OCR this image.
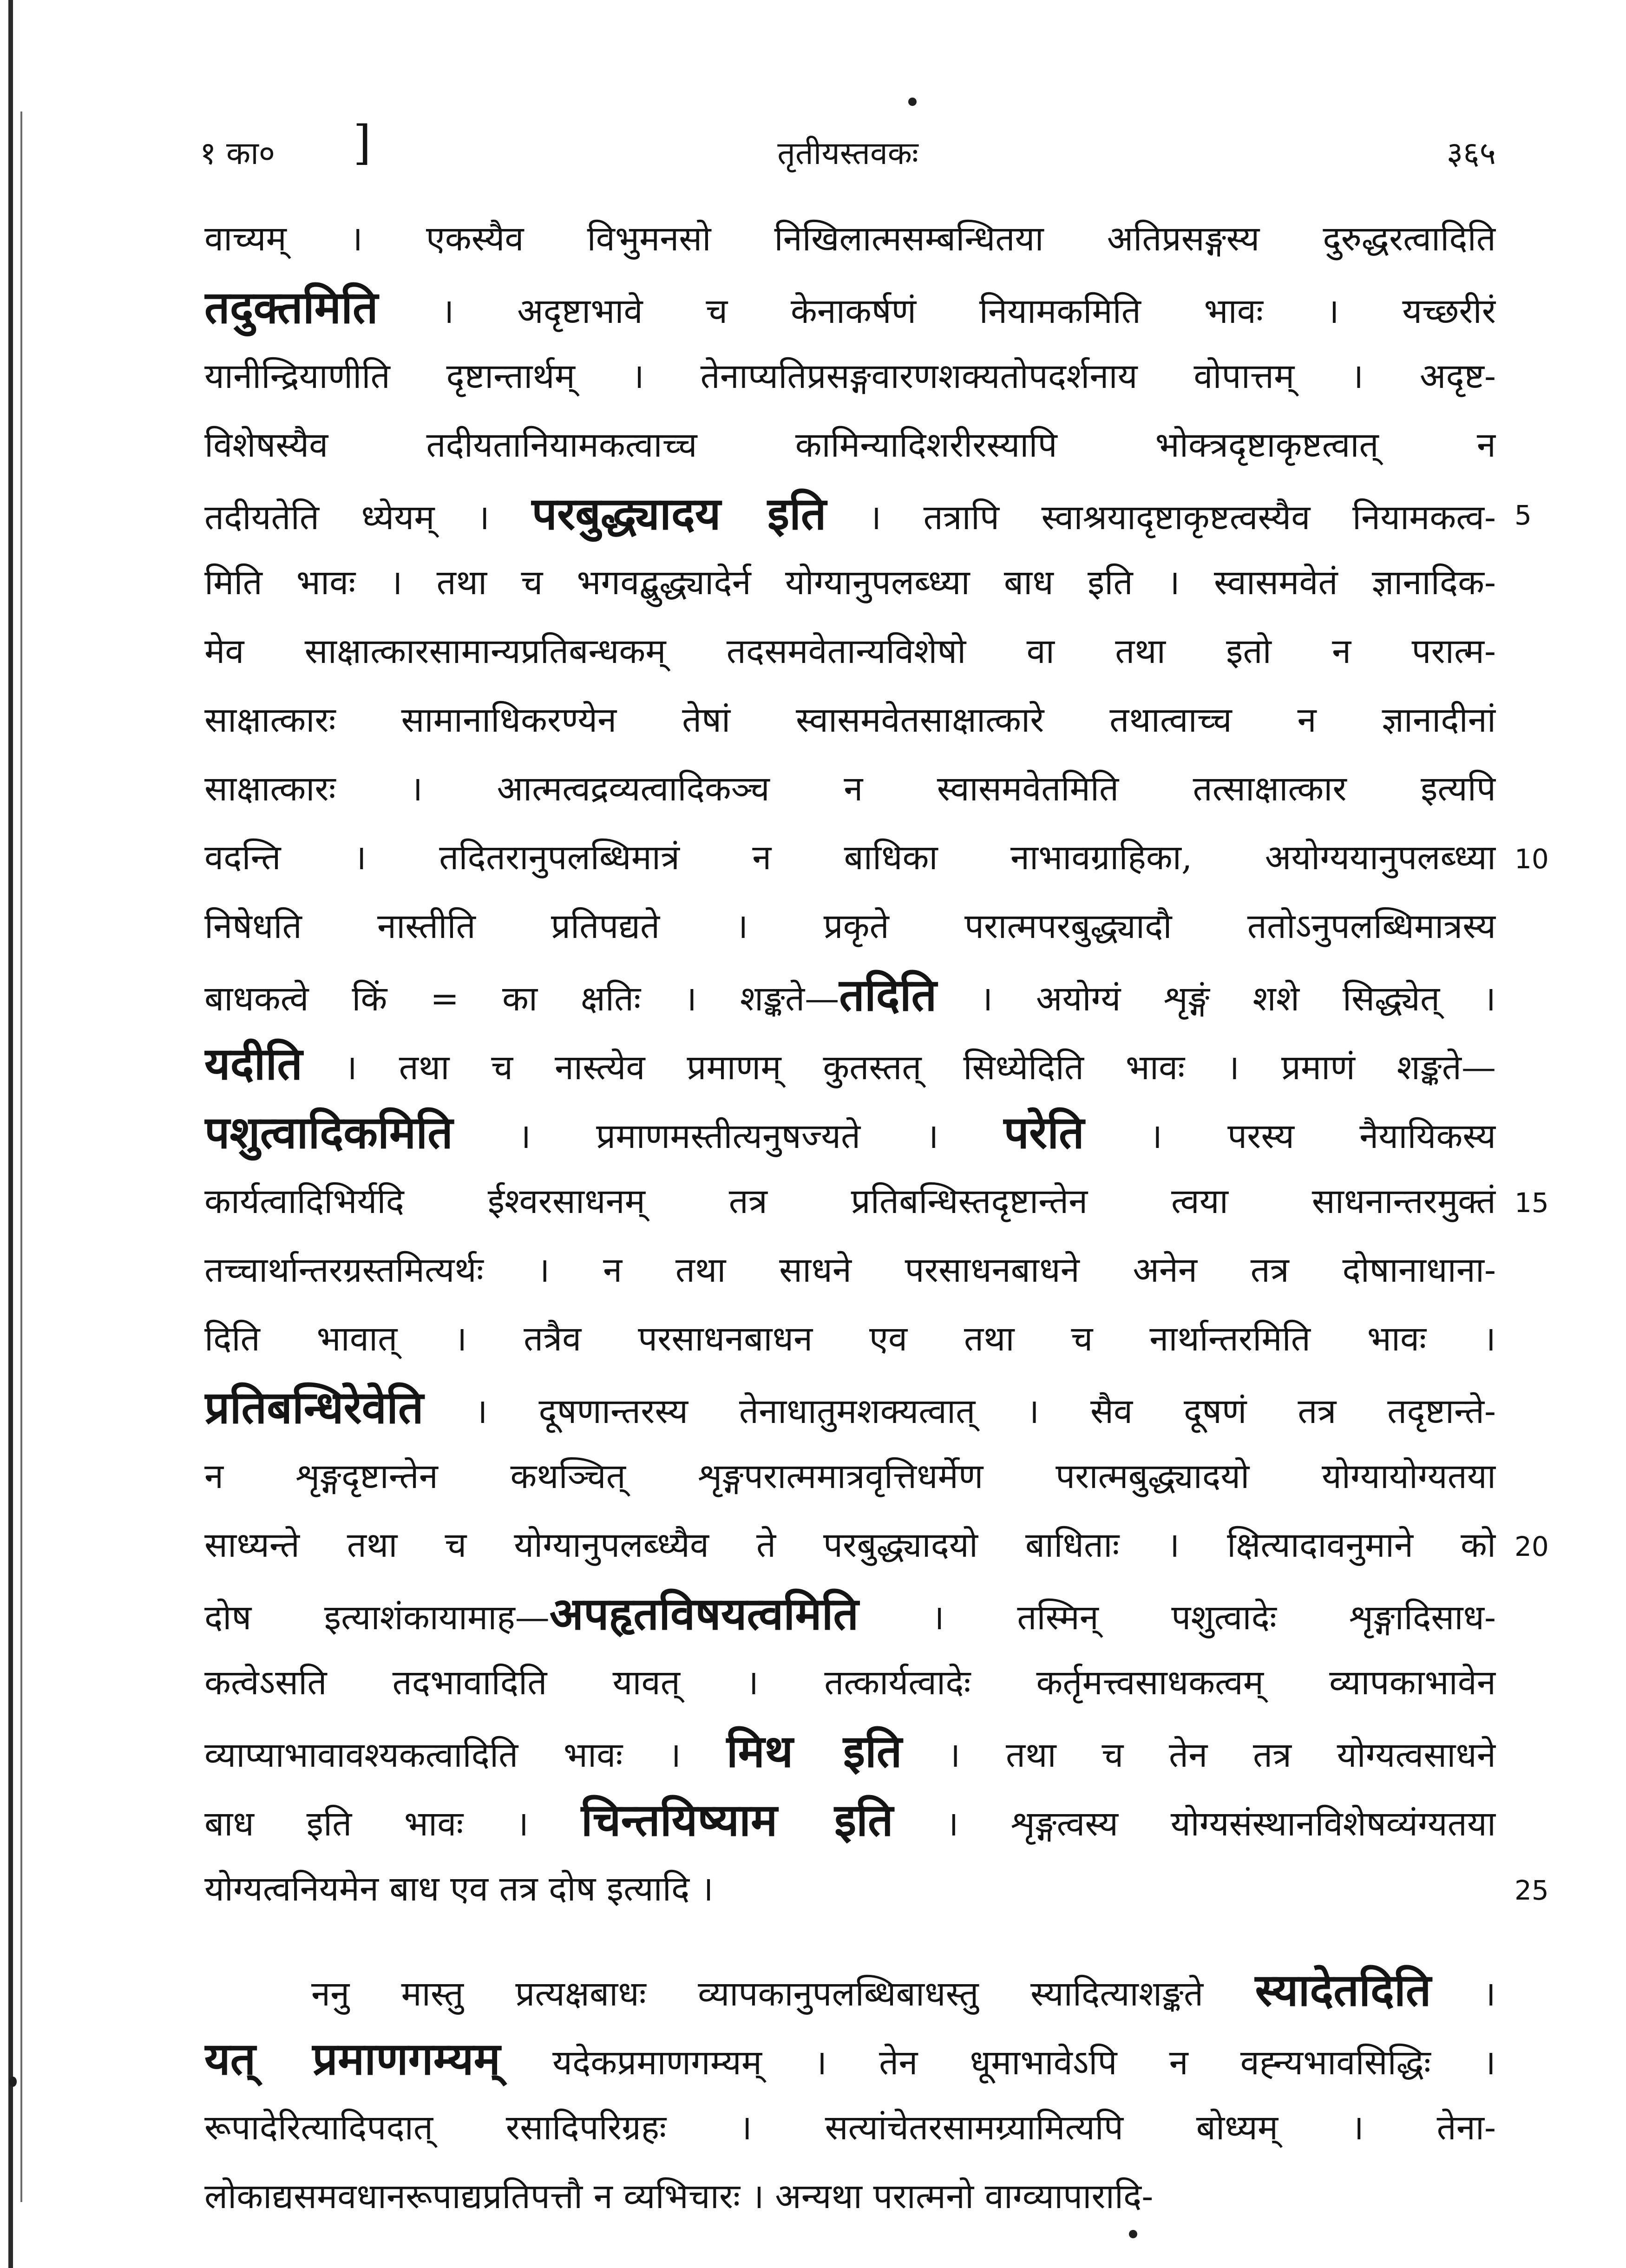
१ का० ]	तृतीयस्तवकः	३६५
वाच्यम् । एकस्यैव विभुमनसो निखिलात्मसम्बन्धितया अतिप्रसङ्गस्य दुरुद्धरत्वादिति
तदुक्तमिति । अदृष्टाभावे च केनाकर्षणं नियामकमिति भावः । यच्छरीरं
यानीन्द्रियाणीति दृष्टान्तार्थम् । तेनाप्यतिप्रसङ्गवारणशक्यतोपदर्शनाय वोपात्तम् । अदृष्ट-
विशेषस्यैव तदीयतानियामकत्वाच्च कामिन्यादिशरीरस्यापि भोक्त्रदृष्टाकृष्टत्वात् न
तदीयतेति ध्येयम् । परबुद्ध्यादय इति । तत्रापि स्वाश्रयादृष्टाकृष्टत्वस्यैव नियामकत्व-
मिति भावः । तथा च भगवद्बुद्ध्यादेर्न योग्यानुपलब्ध्या बाध इति । स्वासमवेतं ज्ञानादिक-
मेव साक्षात्कारसामान्यप्रतिबन्धकम् तदसमवेतान्यविशेषो वा तथा इतो न परात्म-
साक्षात्कारः सामानाधिकरण्येन तेषां स्वासमवेतसाक्षात्कारे तथात्वाच्च न ज्ञानादीनां
साक्षात्कारः । आत्मत्वद्रव्यत्वादिकञ्च न स्वासमवेतमिति तत्साक्षात्कार इत्यपि
वदन्ति । तदितरानुपलब्धिमात्रं न बाधिका नाभावग्राहिका, अयोग्ययानुपलब्ध्या
निषेधति नास्तीति प्रतिपद्यते । प्रकृते परात्मपरबुद्ध्यादौ ततोऽनुपलब्धिमात्रस्य
बाधकत्वे किं = का क्षतिः । शङ्कते—तदिति । अयोग्यं शृङ्गं शशे सिद्ध्येत् ।
यदीति । तथा च नास्त्येव प्रमाणम् कुतस्तत् सिध्येदिति भावः । प्रमाणं शङ्कते—
पशुत्वादिकमिति । प्रमाणमस्तीत्यनुषज्यते । परेति । परस्य नैयायिकस्य
कार्यत्वादिभिर्यदि ईश्वरसाधनम् तत्र प्रतिबन्धिस्तदृष्टान्तेन त्वया साधनान्तरमुक्तं
तच्चार्थान्तरग्रस्तमित्यर्थः । न तथा साधने परसाधनबाधने अनेन तत्र दोषानाधाना-
दिति भावात् । तत्रैव परसाधनबाधन एव तथा च नार्थान्तरमिति भावः ।
प्रतिबन्धिरेवेति । दूषणान्तरस्य तेनाधातुमशक्यत्वात् । सैव दूषणं तत्र तदृष्टान्ते-
न शृङ्गदृष्टान्तेन कथञ्चित् शृङ्गपरात्ममात्रवृत्तिधर्मेण परात्मबुद्ध्यादयो योग्यायोग्यतया
साध्यन्ते तथा च योग्यानुपलब्ध्यैव ते परबुद्ध्यादयो बाधिताः । क्षित्यादावनुमाने को
दोष इत्याशंकायामाह—अपहृतविषयत्वमिति । तस्मिन् पशुत्वादेः शृङ्गादिसाध-
कत्वेऽसति तदभावादिति यावत् । तत्कार्यत्वादेः कर्तृमत्त्वसाधकत्वम् व्यापकाभावेन
व्याप्याभावावश्यकत्वादिति भावः । मिथ इति । तथा च तेन तत्र योग्यत्वसाधने
बाध इति भावः । चिन्तयिष्याम इति । शृङ्गत्वस्य योग्यसंस्थानविशेषव्यंग्यतया
योग्यत्वनियमेन बाध एव तत्र दोष इत्यादि ।
ननु मास्तु प्रत्यक्षबाधः व्यापकानुपलब्धिबाधस्तु स्यादित्याशङ्कते स्यादेतदिति ।
यत् प्रमाणगम्यम् यदेकप्रमाणगम्यम् । तेन धूमाभावेऽपि न वह्न्यभावसिद्धिः ।
रूपादेरित्यादिपदात् रसादिपरिग्रहः । सत्यांचेतरसामग्र्यामित्यपि बोध्यम् । तेना-
लोकाद्यसमवधानरूपाद्यप्रतिपत्तौ न व्यभिचारः । अन्यथा परात्मनो वाग्व्यापारादि-
5
10
15
20
25
